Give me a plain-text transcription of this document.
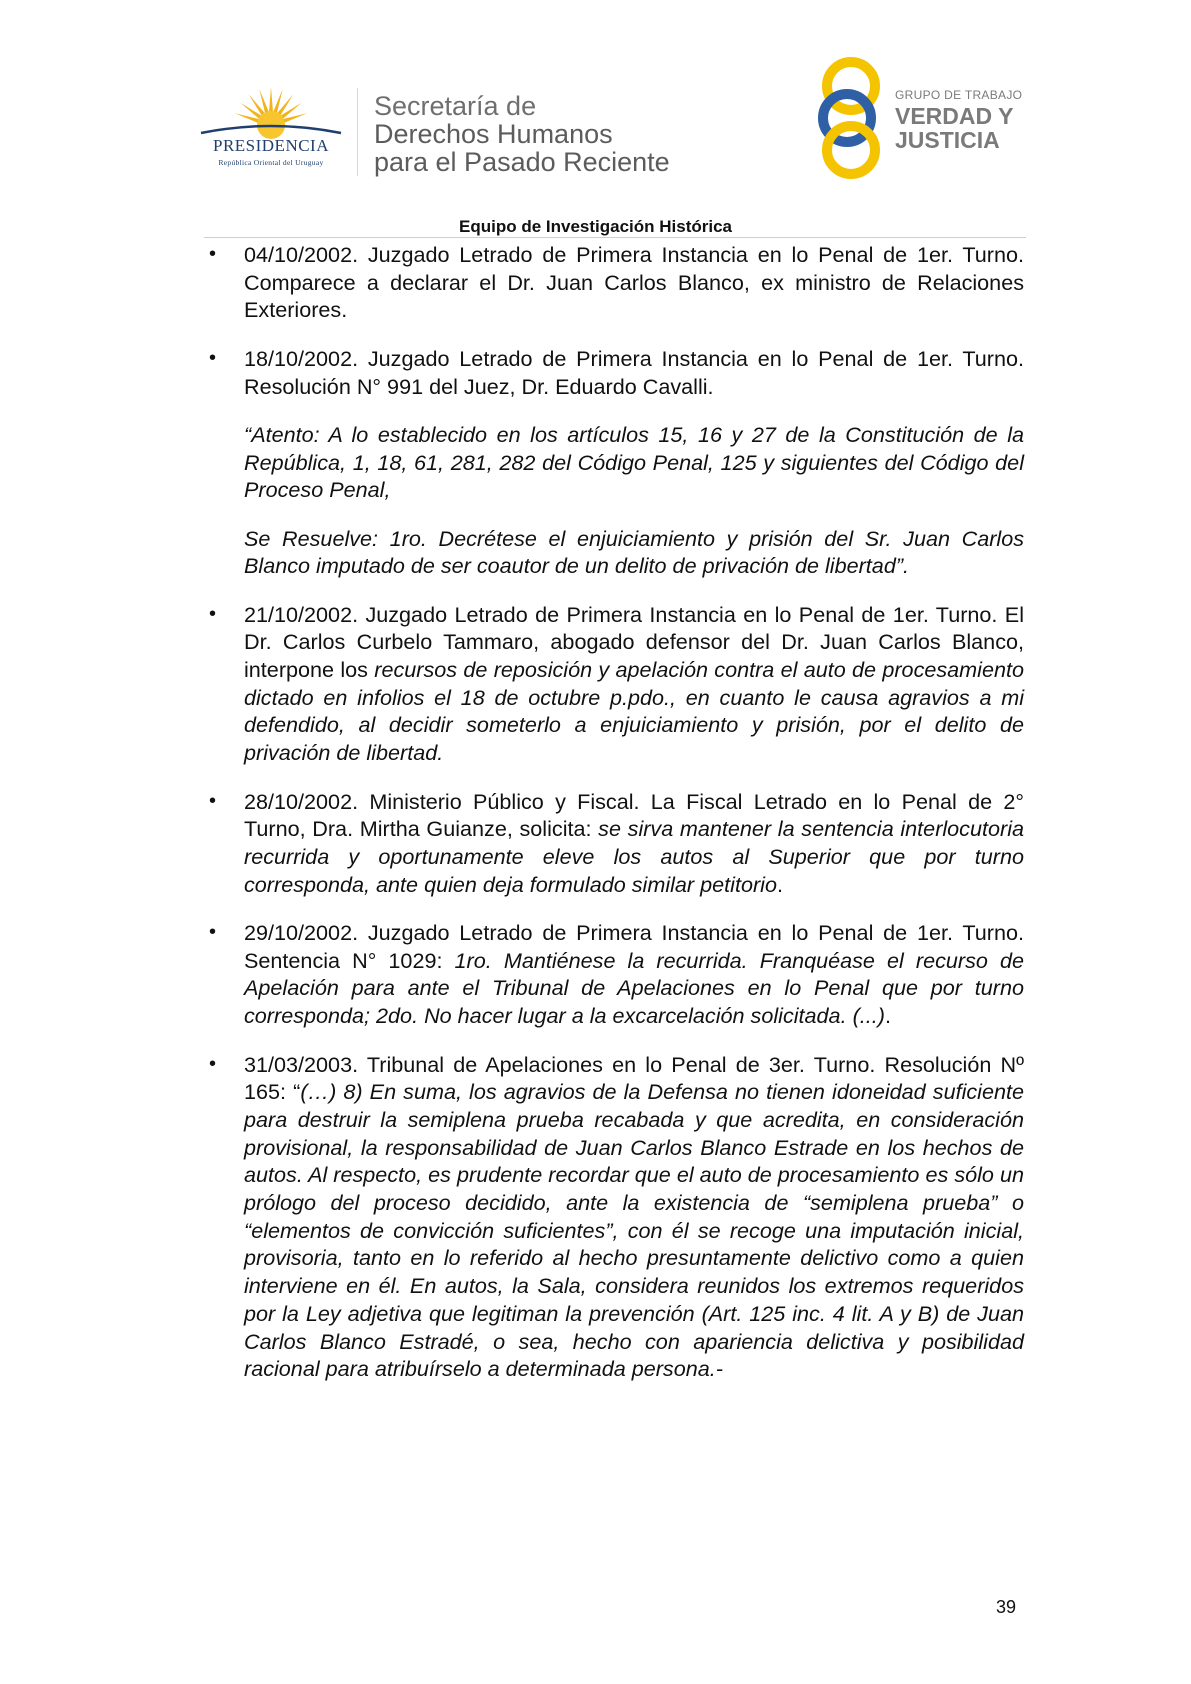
PRESIDENCIA
República Oriental del Uruguay
Secretaría de
Derechos Humanos
para el Pasado Reciente
GRUPO DE TRABAJO
VERDAD Y
JUSTICIA
Equipo de Investigación Histórica
• 04/10/2002. Juzgado Letrado de Primera Instancia en lo Penal de 1er. Turno. Comparece a declarar el Dr. Juan Carlos Blanco, ex ministro de Relaciones Exteriores.

• 18/10/2002. Juzgado Letrado de Primera Instancia en lo Penal de 1er. Turno. Resolución N° 991 del Juez, Dr. Eduardo Cavalli.

“Atento: A lo establecido en los artículos 15, 16 y 27 de la Constitución de la República, 1, 18, 61, 281, 282 del Código Penal, 125 y siguientes del Código del Proceso Penal,

Se Resuelve: 1ro. Decrétese el enjuiciamiento y prisión del Sr. Juan Carlos Blanco imputado de ser coautor de un delito de privación de libertad”.

• 21/10/2002. Juzgado Letrado de Primera Instancia en lo Penal de 1er. Turno. El Dr. Carlos Curbelo Tammaro, abogado defensor del Dr. Juan Carlos Blanco, interpone los recursos de reposición y apelación contra el auto de procesamiento dictado en infolios el 18 de octubre p.pdo., en cuanto le causa agravios a mi defendido, al decidir someterlo a enjuiciamiento y prisión, por el delito de privación de libertad.

• 28/10/2002. Ministerio Público y Fiscal. La Fiscal Letrado en lo Penal de 2° Turno, Dra. Mirtha Guianze, solicita: se sirva mantener la sentencia interlocutoria recurrida y oportunamente eleve los autos al Superior que por turno corresponda, ante quien deja formulado similar petitorio.

• 29/10/2002. Juzgado Letrado de Primera Instancia en lo Penal de 1er. Turno. Sentencia N° 1029: 1ro. Mantiénese la recurrida. Franquéase el recurso de Apelación para ante el Tribunal de Apelaciones en lo Penal que por turno corresponda; 2do. No hacer lugar a la excarcelación solicitada. (...).

• 31/03/2003. Tribunal de Apelaciones en lo Penal de 3er. Turno. Resolución Nº 165: “(…) 8) En suma, los agravios de la Defensa no tienen idoneidad suficiente para destruir la semiplena prueba recabada y que acredita, en consideración provisional, la responsabilidad de Juan Carlos Blanco Estrade en los hechos de autos. Al respecto, es prudente recordar que el auto de procesamiento es sólo un prólogo del proceso decidido, ante la existencia de “semiplena prueba” o “elementos de convicción suficientes”, con él se recoge una imputación inicial, provisoria, tanto en lo referido al hecho presuntamente delictivo como a quien interviene en él. En autos, la Sala, considera reunidos los extremos requeridos por la Ley adjetiva que legitiman la prevención (Art. 125 inc. 4 lit. A y B) de Juan Carlos Blanco Estradé, o sea, hecho con apariencia delictiva y posibilidad racional para atribuírselo a determinada persona.-

39
